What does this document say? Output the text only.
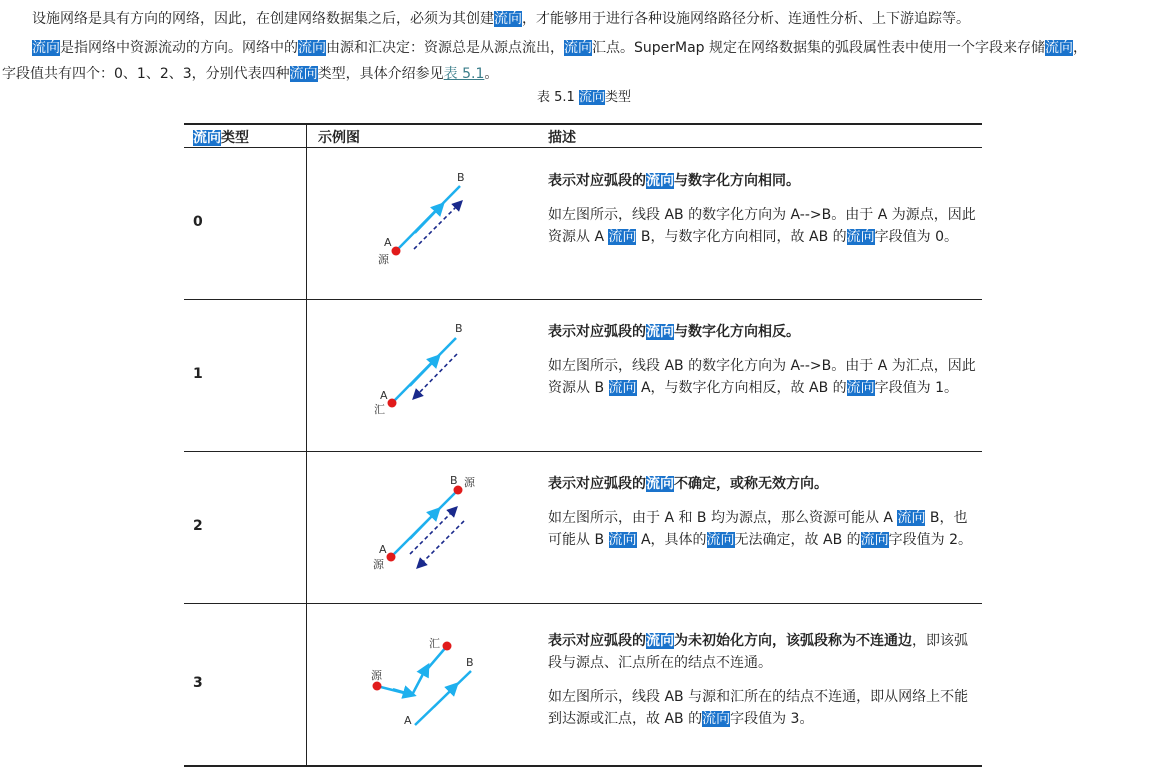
设施网络是具有方向的网络，因此，在创建网络数据集之后，必须为其创建流向，才能够用于进行各种设施网络路径分析、连通性分析、上下游追踪等。
流向是指网络中资源流动的方向。网络中的流向由源和汇决定：资源总是从源点流出，流向汇点。SuperMap 规定在网络数据集的弧段属性表中使用一个字段来存储流向，
字段值共有四个：0、1、2、3，分别代表四种流向类型，具体介绍参见表 5.1。
表 5.1 流向类型
流向类型	示例图	描述
0
1
2
3
A
B
源
A
B
汇
A
B 源
源
源
汇
B
A

表示对应弧段的流向与数字化方向相同。

如左图所示，线段 AB 的数字化方向为 A-->B。由于 A 为源点，因此资源从 A 流向 B，与数字化方向相同，故 AB 的流向字段值为 0。

表示对应弧段的流向与数字化方向相反。

如左图所示，线段 AB 的数字化方向为 A-->B。由于 A 为汇点，因此资源从 B 流向 A，与数字化方向相反，故 AB 的流向字段值为 1。

表示对应弧段的流向不确定，或称无效方向。

如左图所示，由于 A 和 B 均为源点，那么资源可能从 A 流向 B，也可能从 B 流向 A，具体的流向无法确定，故 AB 的流向字段值为 2。

表示对应弧段的流向为未初始化方向，该弧段称为不连通边，即该弧段与源点、汇点所在的结点不连通。

如左图所示，线段 AB 与源和汇所在的结点不连通，即从网络上不能到达源或汇点，故 AB 的流向字段值为 3。
